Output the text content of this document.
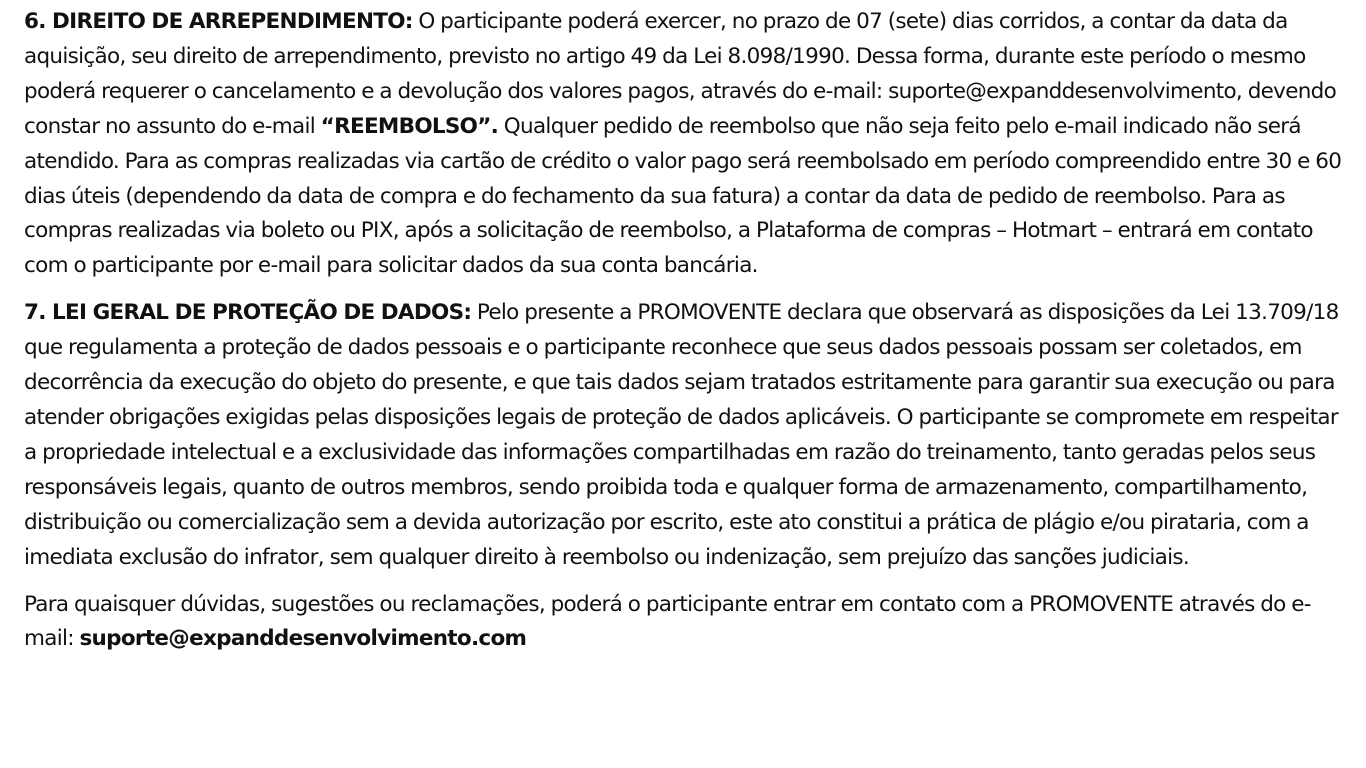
6. DIREITO DE ARREPENDIMENTO: O participante poderá exercer, no prazo de 07 (sete) dias corridos, a contar da data da aquisição, seu direito de arrependimento, previsto no artigo 49 da Lei 8.098/1990. Dessa forma, durante este período o mesmo poderá requerer o cancelamento e a devolução dos valores pagos, através do e-mail: suporte@expanddesenvolvimento, devendo constar no assunto do e-mail “REEMBOLSO”. Qualquer pedido de reembolso que não seja feito pelo e-mail indicado não será atendido. Para as compras realizadas via cartão de crédito o valor pago será reembolsado em período compreendido entre 30 e 60 dias úteis (dependendo da data de compra e do fechamento da sua fatura) a contar da data de pedido de reembolso. Para as compras realizadas via boleto ou PIX, após a solicitação de reembolso, a Plataforma de compras – Hotmart – entrará em contato com o participante por e-mail para solicitar dados da sua conta bancária.

7. LEI GERAL DE PROTEÇÃO DE DADOS: Pelo presente a PROMOVENTE declara que observará as disposições da Lei 13.709/18 que regulamenta a proteção de dados pessoais e o participante reconhece que seus dados pessoais possam ser coletados, em decorrência da execução do objeto do presente, e que tais dados sejam tratados estritamente para garantir sua execução ou para atender obrigações exigidas pelas disposições legais de proteção de dados aplicáveis. O participante se compromete em respeitar a propriedade intelectual e a exclusividade das informações compartilhadas em razão do treinamento, tanto geradas pelos seus responsáveis legais, quanto de outros membros, sendo proibida toda e qualquer forma de armazenamento, compartilhamento, distribuição ou comercialização sem a devida autorização por escrito, este ato constitui a prática de plágio e/ou pirataria, com a imediata exclusão do infrator, sem qualquer direito à reembolso ou indenização, sem prejuízo das sanções judiciais.

Para quaisquer dúvidas, sugestões ou reclamações, poderá o participante entrar em contato com a PROMOVENTE através do e-mail: suporte@expanddesenvolvimento.com
